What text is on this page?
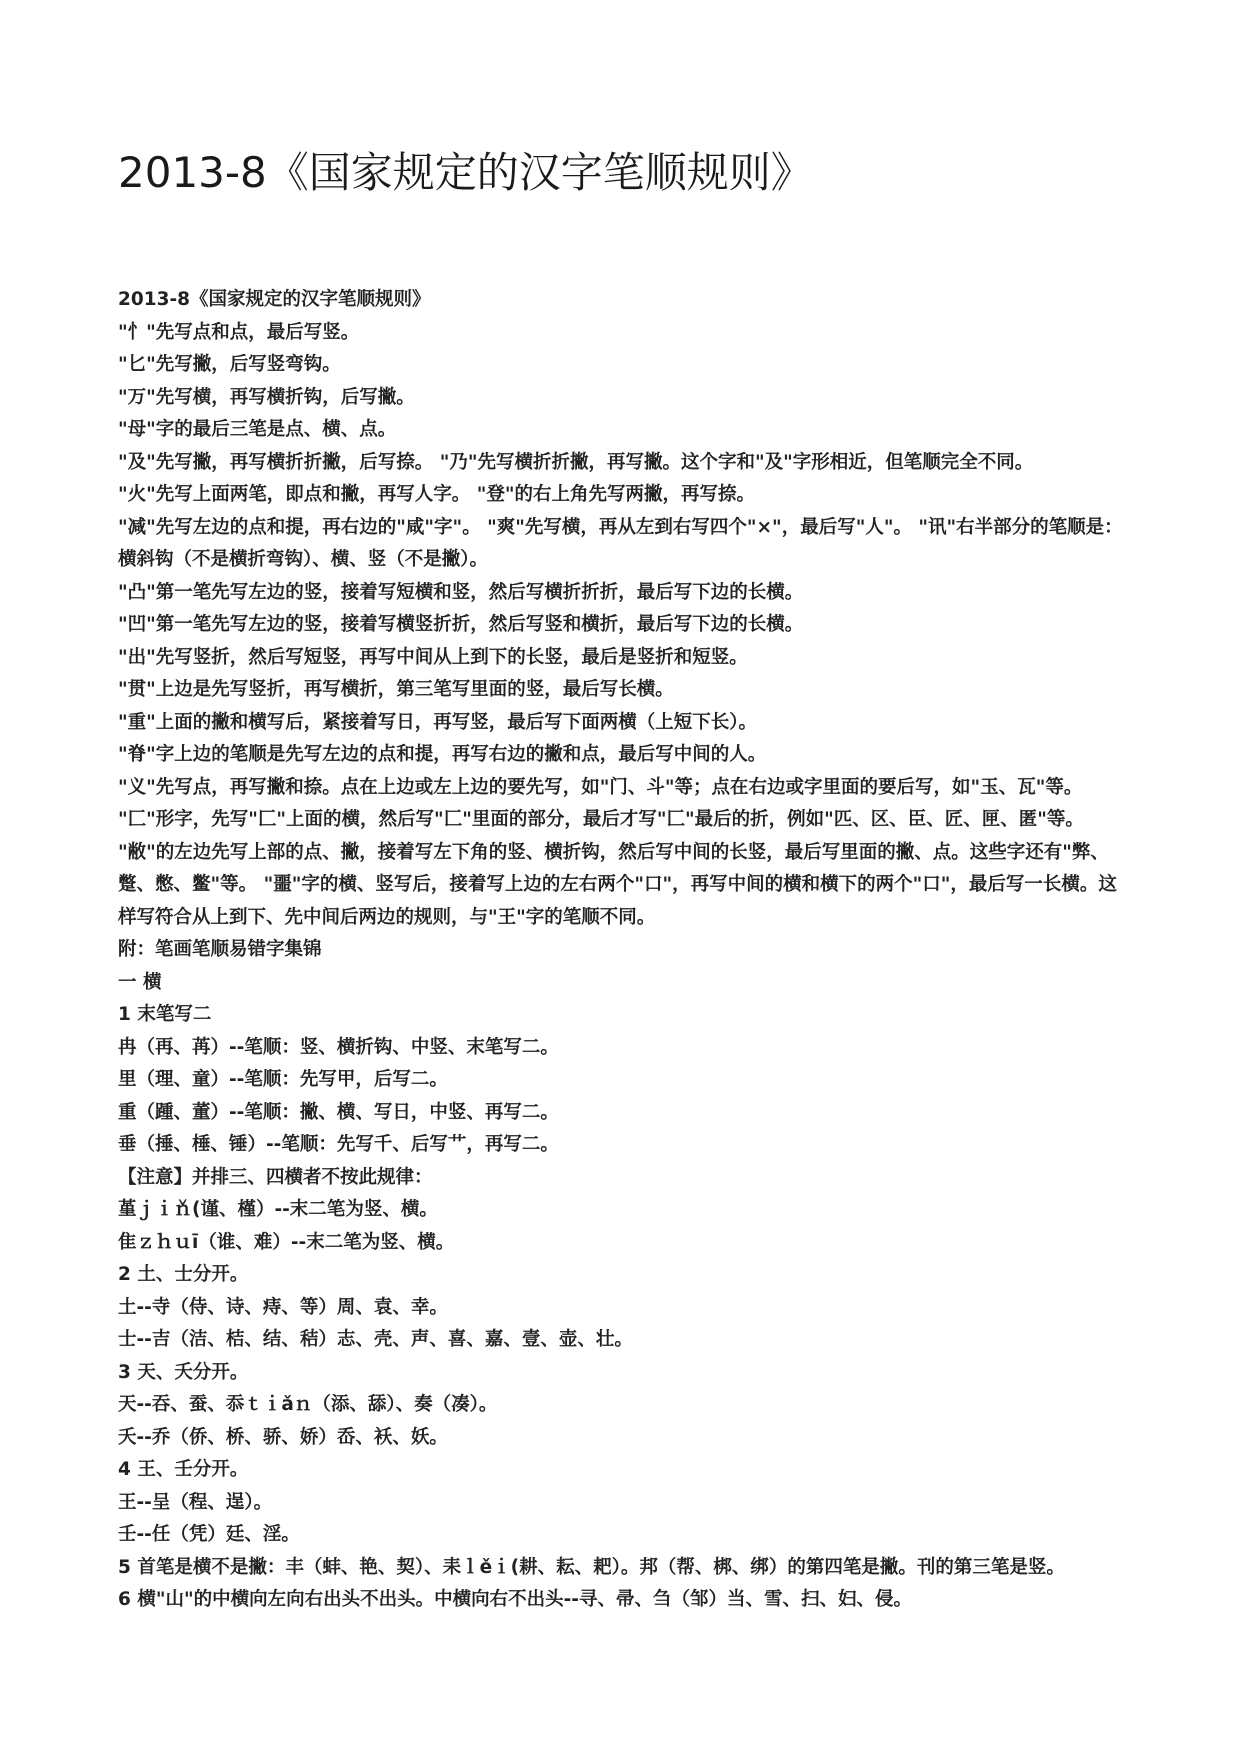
2013-8《国家规定的汉字笔顺规则》
2013-8《国家规定的汉字笔顺规则》
"忄"先写点和点，最后写竖。
"匕"先写撇，后写竖弯钩。
"万"先写横，再写横折钩，后写撇。
"母"字的最后三笔是点、横、点。
"及"先写撇，再写横折折撇，后写捺。 "乃"先写横折折撇，再写撇。这个字和"及"字形相近，但笔顺完全不同。
"火"先写上面两笔，即点和撇，再写人字。 "登"的右上角先写两撇，再写捺。
"减"先写左边的点和提，再右边的"咸"字"。 "爽"先写横，再从左到右写四个"×"，最后写"人"。 "讯"右半部分的笔顺是：
横斜钩（不是横折弯钩）、横、竖（不是撇）。
"凸"第一笔先写左边的竖，接着写短横和竖，然后写横折折折，最后写下边的长横。
"凹"第一笔先写左边的竖，接着写横竖折折，然后写竖和横折，最后写下边的长横。
"出"先写竖折，然后写短竖，再写中间从上到下的长竖，最后是竖折和短竖。
"贯"上边是先写竖折，再写横折，第三笔写里面的竖，最后写长横。
"重"上面的撇和横写后，紧接着写日，再写竖，最后写下面两横（上短下长）。
"脊"字上边的笔顺是先写左边的点和提，再写右边的撇和点，最后写中间的人。
"义"先写点，再写撇和捺。点在上边或左上边的要先写，如"门、斗"等；点在右边或字里面的要后写，如"玉、瓦"等。
"匚"形字，先写"匚"上面的横，然后写"匚"里面的部分，最后才写"匚"最后的折，例如"匹、区、臣、匠、匣、匿"等。
"敝"的左边先写上部的点、撇，接着写左下角的竖、横折钩，然后写中间的长竖，最后写里面的撇、点。这些字还有"弊、
蹩、憋、鳖"等。 "噩"字的横、竖写后，接着写上边的左右两个"口"，再写中间的横和横下的两个"口"，最后写一长横。这
样写符合从上到下、先中间后两边的规则，与"王"字的笔顺不同。
附：笔画笔顺易错字集锦
一 横
1 末笔写二
冉（再、苒）--笔顺：竖、横折钩、中竖、末笔写二。
里（理、童）--笔顺：先写甲，后写二。
重（踵、董）--笔顺：撇、横、写日，中竖、再写二。
垂（捶、棰、锤）--笔顺：先写千、后写艹，再写二。
【注意】并排三、四横者不按此规律：
堇ｊｉ̌ｎ(谨、槿）--末二笔为竖、横。
隹ｚｈｕī（谁、难）--末二笔为竖、横。
2 土、士分开。
土--寺（侍、诗、痔、等）周、袁、幸。
士--吉（洁、桔、结、秸）志、壳、声、喜、嘉、壹、壶、壮。
3 天、夭分开。
天--吞、蚕、忝ｔｉǎｎ（添、舔）、奏（凑）。
夭--乔（侨、桥、骄、娇）岙、袄、妖。
4 王、壬分开。
王--呈（程、逞）。
壬--任（凭）廷、淫。
5 首笔是横不是撇：丰（蚌、艳、契）、耒ｌěｉ(耕、耘、耙）。邦（帮、梆、绑）的第四笔是撇。刊的第三笔是竖。
6 横"山"的中横向左向右出头不出头。中横向右不出头--寻、帚、刍（邹）当、雪、扫、妇、侵。
